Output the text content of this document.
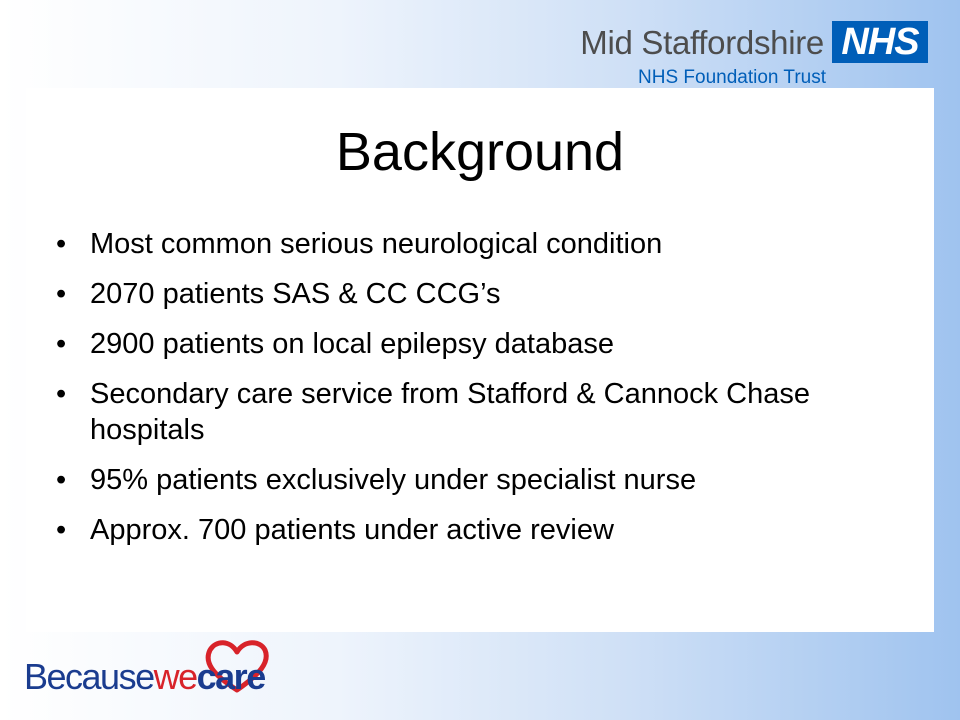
Mid Staffordshire NHS
NHS Foundation Trust
Background
• Most common serious neurological condition
• 2070 patients SAS & CC CCG’s
• 2900 patients on local epilepsy database
• Secondary care service from Stafford & Cannock Chase hospitals
• 95% patients exclusively under specialist nurse
• Approx. 700 patients under active review
Becausewecare
